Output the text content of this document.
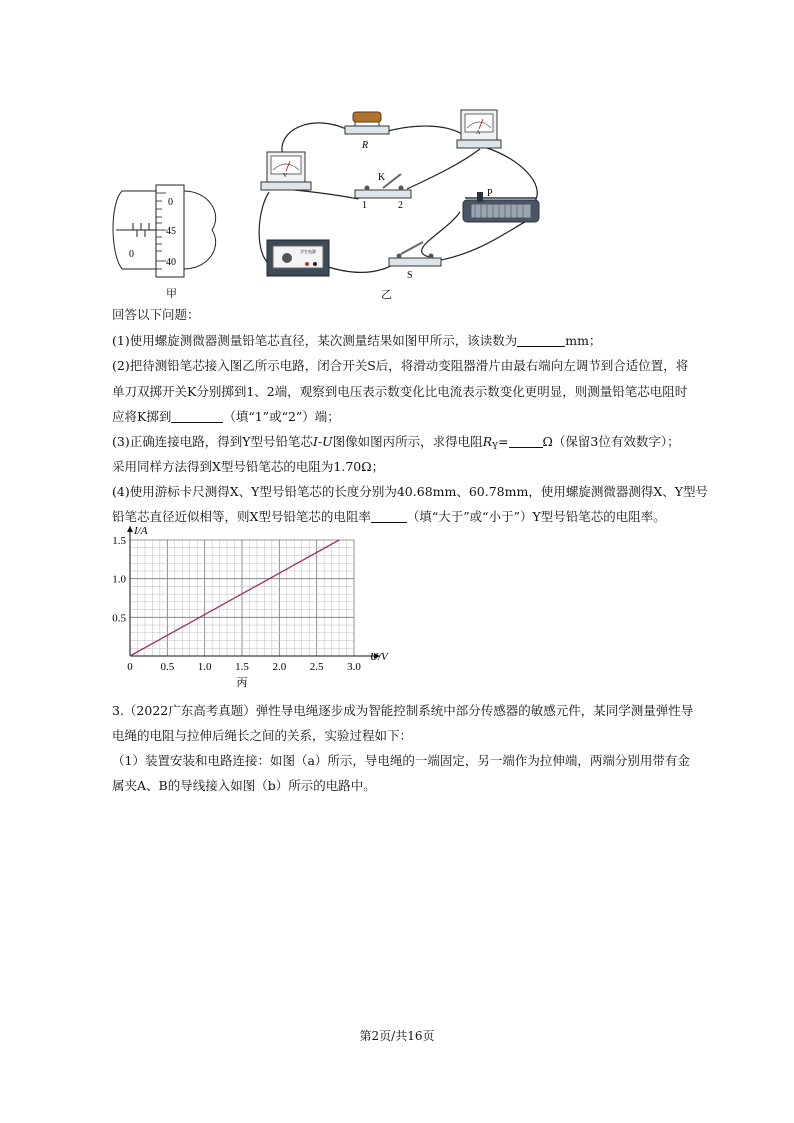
0
0
45
40
甲
R
A
V	K
1	2
P
学生电源
S
乙
回答以下问题：
(1)使用螺旋测微器测量铅笔芯直径，某次测量结果如图甲所示，该读数为	mm；
(2)把待测铅笔芯接入图乙所示电路，闭合开关S后，将滑动变阻器滑片由最右端向左调节到合适位置，将
单刀双掷开关K分别掷到1、2端，观察到电压表示数变化比电流表示数变化更明显，则测量铅笔芯电阻时
应将K掷到	（填“1”或“2”）端；
(3)正确连接电路，得到Y型号铅笔芯I-U图像如图丙所示，求得电阻$R_Y=$	Ω（保留3位有效数字）；
采用同样方法得到X型号铅笔芯的电阻为1.70Ω；
(4)使用游标卡尺测得X、Y型号铅笔芯的长度分别为40.68mm、60.78mm，使用螺旋测微器测得X、Y型号
铅笔芯直径近似相等，则X型号铅笔芯的电阻率	（填“大于”或“小于”）Y型号铅笔芯的电阻率。
0	0.5 1.0 1.5 2.0 2.5 3.0
0.5
1.0
1.5
U/V
I/A
丙
3.（2022广东高考真题）弹性导电绳逐步成为智能控制系统中部分传感器的敏感元件，某同学测量弹性导
电绳的电阻与拉伸后绳长之间的关系，实验过程如下：
（1）装置安装和电路连接：如图（a）所示，导电绳的一端固定，另一端作为拉伸端，两端分别用带有金
属夹A、B的导线接入如图（b）所示的电路中。
第2页/共16页
